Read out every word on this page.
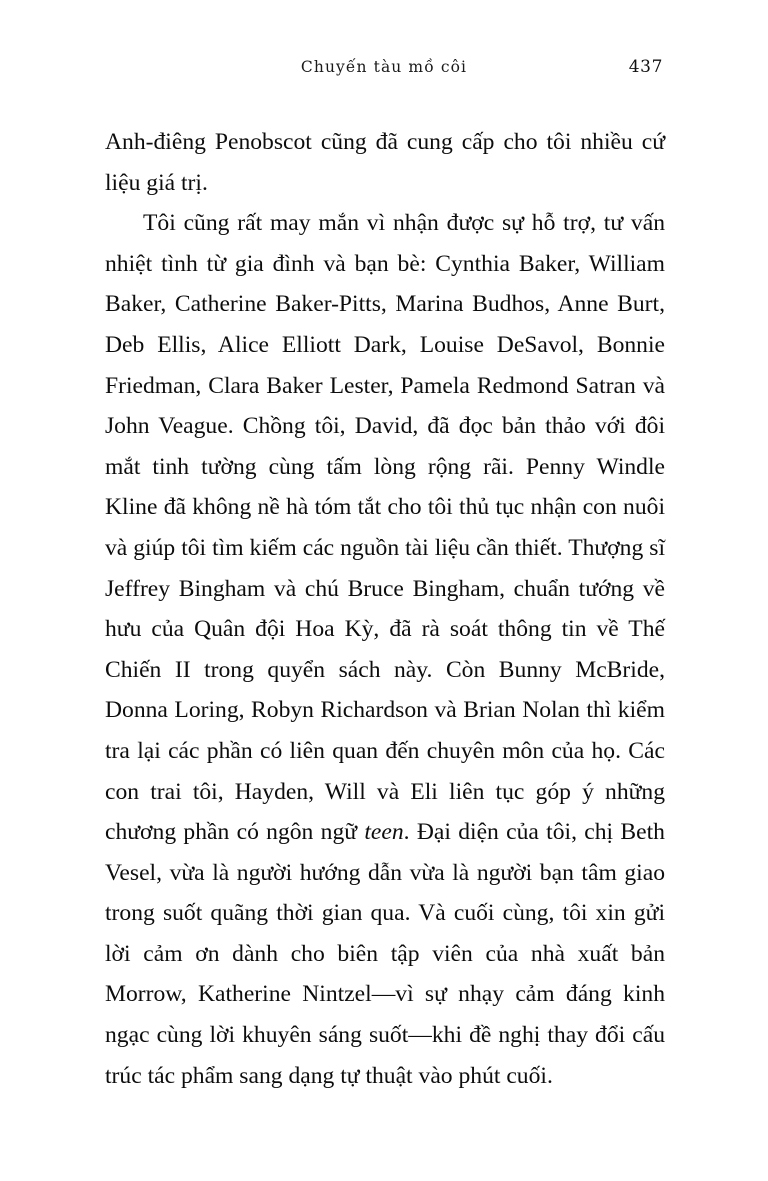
Chuyến tàu mồ côi	437

Anh-điêng Penobscot cũng đã cung cấp cho tôi nhiều cứ liệu giá trị.

Tôi cũng rất may mắn vì nhận được sự hỗ trợ, tư vấn nhiệt tình từ gia đình và bạn bè: Cynthia Baker, William Baker, Catherine Baker-Pitts, Marina Budhos, Anne Burt, Deb Ellis, Alice Elliott Dark, Louise DeSavol, Bonnie Friedman, Clara Baker Lester, Pamela Redmond Satran và John Veague. Chồng tôi, David, đã đọc bản thảo với đôi mắt tinh tường cùng tấm lòng rộng rãi. Penny Windle Kline đã không nề hà tóm tắt cho tôi thủ tục nhận con nuôi và giúp tôi tìm kiếm các nguồn tài liệu cần thiết. Thượng sĩ Jeffrey Bingham và chú Bruce Bingham, chuẩn tướng về hưu của Quân đội Hoa Kỳ, đã rà soát thông tin về Thế Chiến II trong quyển sách này. Còn Bunny McBride, Donna Loring, Robyn Richardson và Brian Nolan thì kiểm tra lại các phần có liên quan đến chuyên môn của họ. Các con trai tôi, Hayden, Will và Eli liên tục góp ý những chương phần có ngôn ngữ teen. Đại diện của tôi, chị Beth Vesel, vừa là người hướng dẫn vừa là người bạn tâm giao trong suốt quãng thời gian qua. Và cuối cùng, tôi xin gửi lời cảm ơn dành cho biên tập viên của nhà xuất bản Morrow, Katherine Nintzel—vì sự nhạy cảm đáng kinh ngạc cùng lời khuyên sáng suốt—khi đề nghị thay đổi cấu trúc tác phẩm sang dạng tự thuật vào phút cuối.
